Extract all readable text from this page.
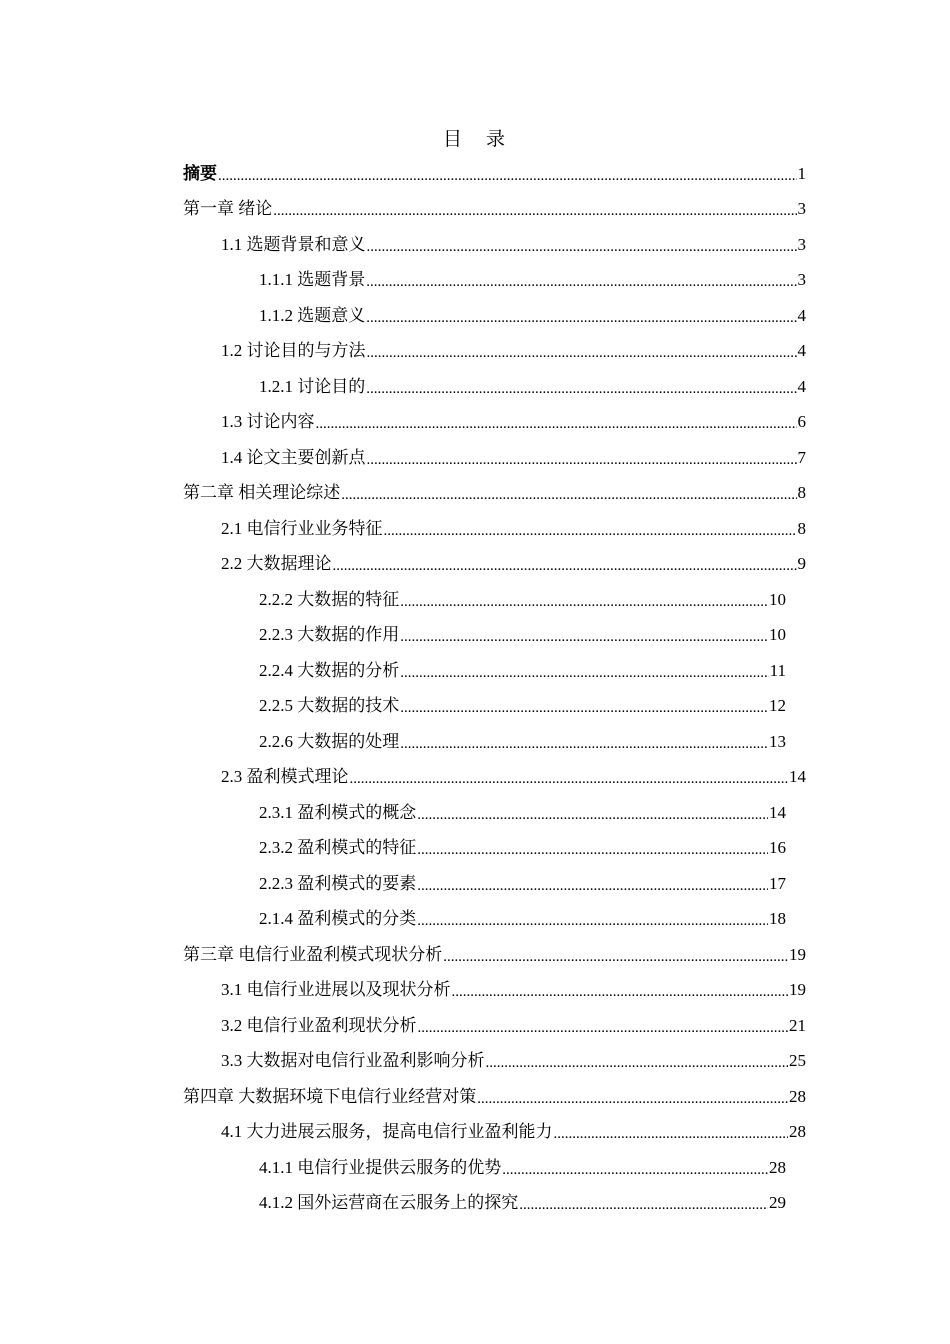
目 录
摘要 .....	1
第一章 绪论 .....	3
1.1 选题背景和意义 .....	3
1.1.1 选题背景 .....	3
1.1.2 选题意义 .....	4
1.2 讨论目的与方法 .....	4
1.2.1 讨论目的 .....	4
1.3 讨论内容 .....	6
1.4 论文主要创新点 .....	7
第二章 相关理论综述 .....	8
2.1 电信行业业务特征 .....	8
2.2 大数据理论 .....	9
2.2.2 大数据的特征 .....	10
2.2.3 大数据的作用 .....	10
2.2.4 大数据的分析 .....	11
2.2.5 大数据的技术 .....	12
2.2.6 大数据的处理 .....	13
2.3 盈利模式理论 .....	14
2.3.1 盈利模式的概念 .....	14
2.3.2 盈利模式的特征 .....	16
2.2.3 盈利模式的要素 .....	17
2.1.4 盈利模式的分类 .....	18
第三章 电信行业盈利模式现状分析 .....	19
3.1 电信行业进展以及现状分析 .....	19
3.2 电信行业盈利现状分析 .....	21
3.3 大数据对电信行业盈利影响分析 .....	25
第四章 大数据环境下电信行业经营对策 .....	28
4.1 大力进展云服务，提高电信行业盈利能力 .....	28
4.1.1 电信行业提供云服务的优势 .....	28
4.1.2 国外运营商在云服务上的探究 .....	29
